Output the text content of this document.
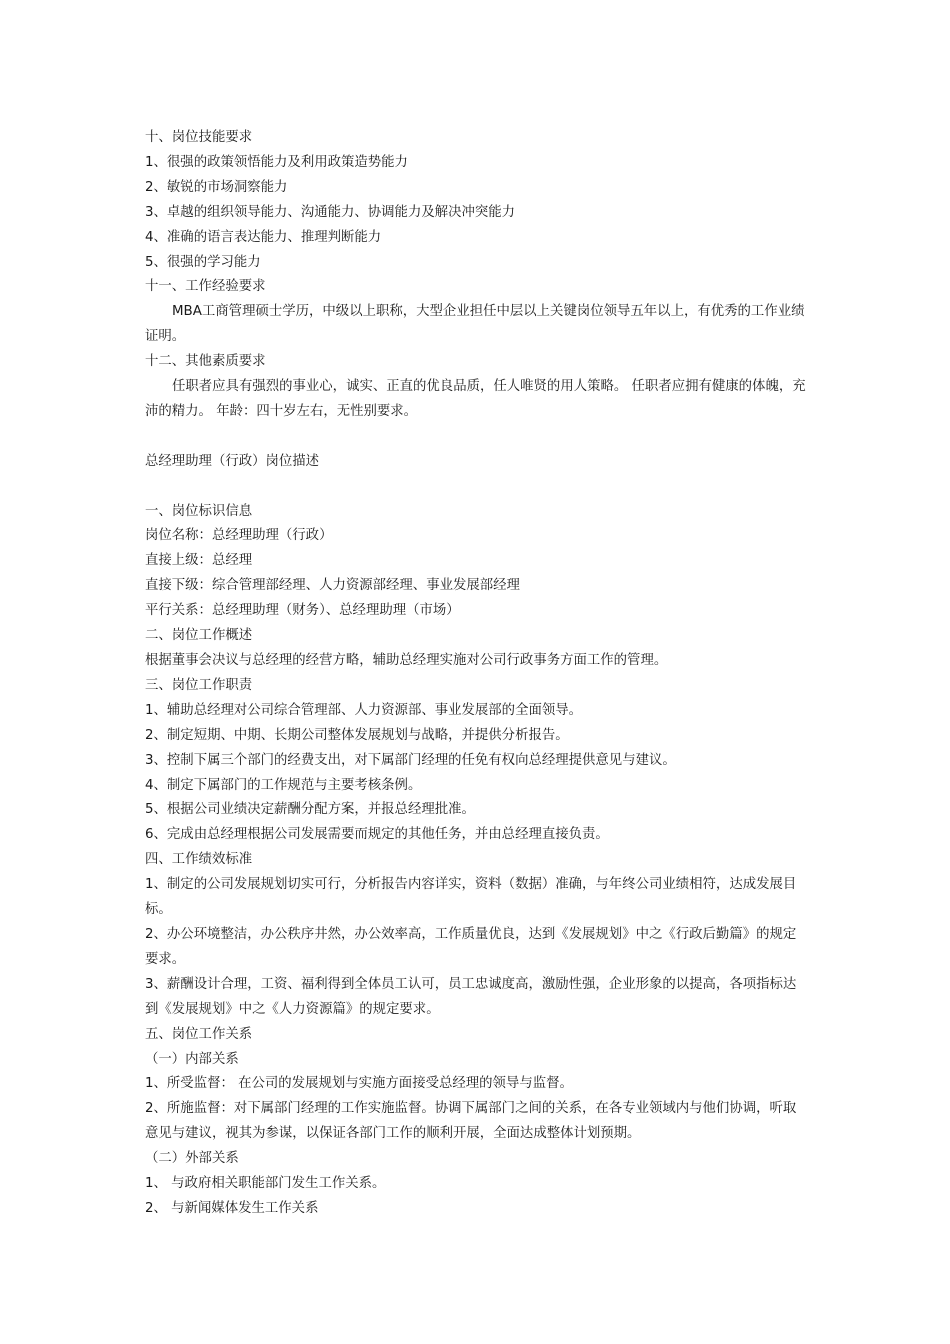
十、岗位技能要求

1、很强的政策领悟能力及利用政策造势能力

2、敏锐的市场洞察能力

3、卓越的组织领导能力、沟通能力、协调能力及解决冲突能力

4、准确的语言表达能力、推理判断能力

5、很强的学习能力

十一、工作经验要求

MBA工商管理硕士学历，中级以上职称，大型企业担任中层以上关键岗位领导五年以上，有优秀的工作业绩证明。

十二、其他素质要求

任职者应具有强烈的事业心，诚实、正直的优良品质，任人唯贤的用人策略。 任职者应拥有健康的体魄，充沛的精力。 年龄：四十岁左右，无性别要求。

总经理助理（行政）岗位描述

一、岗位标识信息

岗位名称：总经理助理（行政）

直接上级：总经理

直接下级：综合管理部经理、人力资源部经理、事业发展部经理

平行关系：总经理助理（财务）、总经理助理（市场）

二、岗位工作概述

根据董事会决议与总经理的经营方略，辅助总经理实施对公司行政事务方面工作的管理。

三、岗位工作职责

1、辅助总经理对公司综合管理部、人力资源部、事业发展部的全面领导。

2、制定短期、中期、长期公司整体发展规划与战略，并提供分析报告。

3、控制下属三个部门的经费支出，对下属部门经理的任免有权向总经理提供意见与建议。

4、制定下属部门的工作规范与主要考核条例。

5、根据公司业绩决定薪酬分配方案，并报总经理批准。

6、完成由总经理根据公司发展需要而规定的其他任务，并由总经理直接负责。

四、工作绩效标准

1、制定的公司发展规划切实可行，分析报告内容详实，资料（数据）准确，与年终公司业绩相符，达成发展目标。

2、办公环境整洁，办公秩序井然，办公效率高，工作质量优良，达到《发展规划》中之《行政后勤篇》的规定要求。

3、薪酬设计合理，工资、福利得到全体员工认可，员工忠诚度高，激励性强，企业形象的以提高，各项指标达到《发展规划》中之《人力资源篇》的规定要求。

五、岗位工作关系

（一）内部关系

1、所受监督： 在公司的发展规划与实施方面接受总经理的领导与监督。

2、所施监督：对下属部门经理的工作实施监督。协调下属部门之间的关系，在各专业领域内与他们协调，听取意见与建议，视其为参谋，以保证各部门工作的顺利开展，全面达成整体计划预期。

（二）外部关系

1、 与政府相关职能部门发生工作关系。

2、 与新闻媒体发生工作关系
